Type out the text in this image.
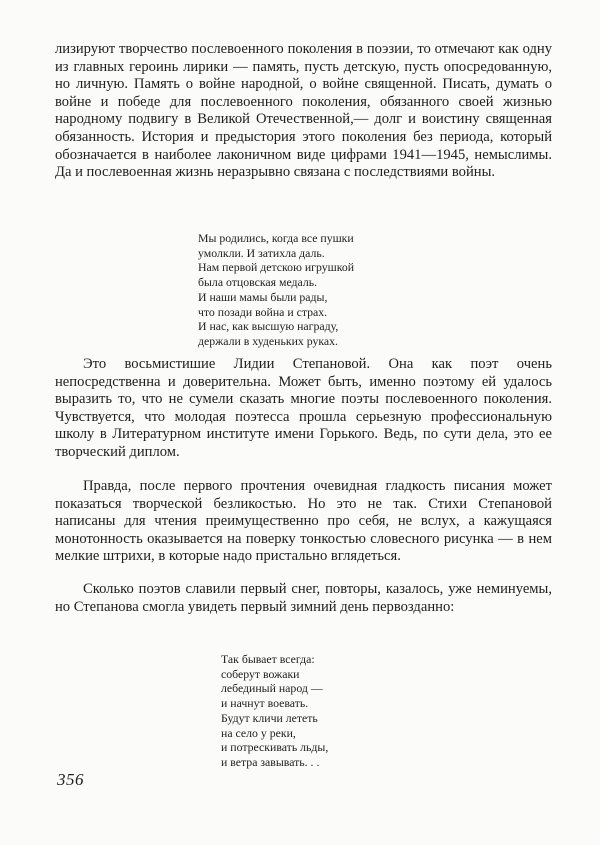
лизируют творчество послевоенного поколения в поэзии, то отмечают как одну из главных героинь лирики — память, пусть детскую, пусть опосредованную, но личную. Память о войне народной, о войне священной. Писать, думать о войне и победе для послевоенного поколения, обязанного своей жизнью народному подвигу в Великой Отечественной,— долг и воистину священная обязанность. История и предыстория этого поколения без периода, который обозначается в наиболее лаконичном виде цифрами 1941—1945, немыслимы. Да и послевоенная жизнь неразрывно связана с последствиями войны.

Мы родились, когда все пушки
умолкли. И затихла даль.
Нам первой детскою игрушкой
была отцовская медаль.
И наши мамы были рады,
что позади война и страх.
И нас, как высшую награду,
держали в худеньких руках.

Это восьмистишие Лидии Степановой. Она как поэт очень непосредственна и доверительна. Может быть, именно поэтому ей удалось выразить то, что не сумели сказать многие поэты послевоенного поколения. Чувствуется, что молодая поэтесса прошла серьезную профессиональную школу в Литературном институте имени Горького. Ведь, по сути дела, это ее творческий диплом.

Правда, после первого прочтения очевидная гладкость писания может показаться творческой безликостью. Но это не так. Стихи Степановой написаны для чтения преимущественно про себя, не вслух, а кажущаяся монотонность оказывается на поверку тонкостью словесного рисунка — в нем мелкие штрихи, в которые надо пристально вглядеться.

Сколько поэтов славили первый снег, повторы, казалось, уже неминуемы, но Степанова смогла увидеть первый зимний день первозданно:

Так бывает всегда:
соберут вожаки
лебединый народ —
и начнут воевать.
Будут кличи лететь
на село у реки,
и потрескивать льды,
и ветра завывать. . .
356
